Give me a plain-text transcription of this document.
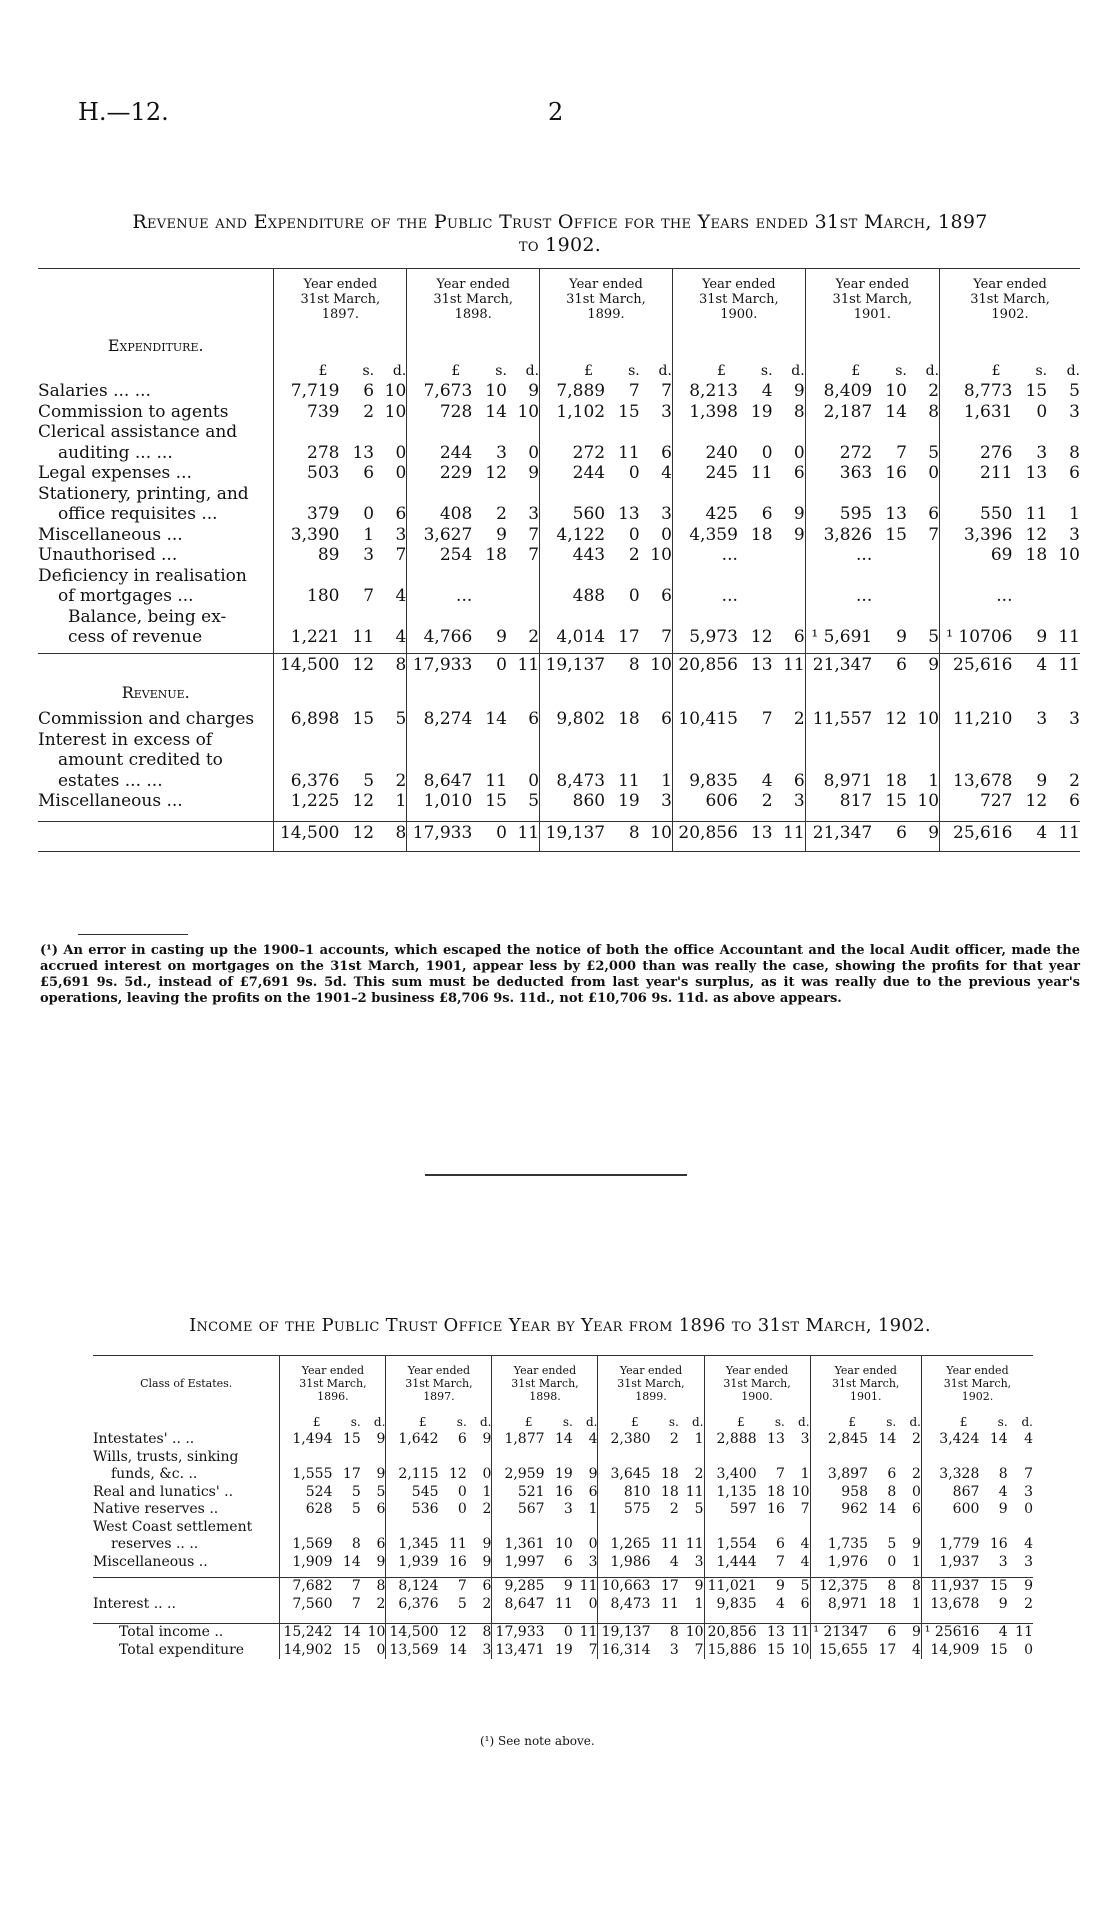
H.—12.	2
Revenue and Expenditure of the Public Trust Office for the Years ended 31st March, 1897
to 1902.
	Year ended
31st March,
1897.			Year ended
31st March,
1898.			Year ended
31st March,
1899.			Year ended
31st March,
1900.			Year ended
31st March,
1901.			Year ended
31st March,
1902.		
Expenditure.																		
	£	s.	d.	£	s.	d.	£	s.	d.	£	s.	d.	£	s.	d.	£	s.	d.
Salaries ... ...	7,719	6	10	7,673	10	9	7,889	7	7	8,213	4	9	8,409	10	2	8,773	15	5
Commission to agents	739	2	10	728	14	10	1,102	15	3	1,398	19	8	2,187	14	8	1,631	0	3
Clerical assistance and																		
auditing ... ...	278	13	0	244	3	0	272	11	6	240	0	0	272	7	5	276	3	8
Legal expenses ...	503	6	0	229	12	9	244	0	4	245	11	6	363	16	0	211	13	6
Stationery, printing, and																		
office requisites ...	379	0	6	408	2	3	560	13	3	425	6	9	595	13	6	550	11	1
Miscellaneous ...	3,390	1	3	3,627	9	7	4,122	0	0	4,359	18	9	3,826	15	7	3,396	12	3
Unauthorised ...	89	3	7	254	18	7	443	2	10	...			...			69	18	10
Deficiency in realisation																		
of mortgages ...	180	7	4	...			488	0	6	...			...			...		
Balance, being ex-																		
cess of revenue	1,221	11	4	4,766	9	2	4,014	17	7	5,973	12	6	¹ 5,691	9	5	¹ 10706	9	11

	14,500	12	8	17,933	0	11	19,137	8	10	20,856	13	11	21,347	6	9	25,616	4	11
Revenue.																		

Commission and charges	6,898	15	5	8,274	14	6	9,802	18	6	10,415	7	2	11,557	12	10	11,210	3	3
Interest in excess of																		
amount credited to																		
estates ... ...	6,376	5	2	8,647	11	0	8,473	11	1	9,835	4	6	8,971	18	1	13,678	9	2
Miscellaneous ...	1,225	12	1	1,010	15	5	860	19	3	606	2	3	817	15	10	727	12	6

	14,500	12	8	17,933	0	11	19,137	8	10	20,856	13	11	21,347	6	9	25,616	4	11

(¹) An error in casting up the 1900–1 accounts, which escaped the notice of both the office Accountant and the local Audit officer, made the accrued interest on mortgages on the 31st March, 1901, appear less by £2,000 than was really the case, showing the profits for that year £5,691 9s. 5d., instead of £7,691 9s. 5d. This sum must be deducted from last year's surplus, as it was really due to the previous year's operations, leaving the profits on the 1901–2 business £8,706 9s. 11d., not £10,706 9s. 11d. as above appears.
Income of the Public Trust Office Year by Year from 1896 to 31st March, 1902.
Class of Estates.	Year ended
31st March,
1896.			Year ended
31st March,
1897.			Year ended
31st March,
1898.			Year ended
31st March,
1899.			Year ended
31st March,
1900.			Year ended
31st March,
1901.			Year ended
31st March,
1902.		
	£	s.	d.	£	s.	d.	£	s.	d.	£	s.	d.	£	s.	d.	£	s.	d.	£	s.	d.
Intestates' .. ..	1,494	15	9	1,642	6	9	1,877	14	4	2,380	2	1	2,888	13	3	2,845	14	2	3,424	14	4
Wills, trusts, sinking																					
funds, &c. ..	1,555	17	9	2,115	12	0	2,959	19	9	3,645	18	2	3,400	7	1	3,897	6	2	3,328	8	7
Real and lunatics' ..	524	5	5	545	0	1	521	16	6	810	18	11	1,135	18	10	958	8	0	867	4	3
Native reserves ..	628	5	6	536	0	2	567	3	1	575	2	5	597	16	7	962	14	6	600	9	0
West Coast settlement																					
reserves .. ..	1,569	8	6	1,345	11	9	1,361	10	0	1,265	11	11	1,554	6	4	1,735	5	9	1,779	16	4
Miscellaneous ..	1,909	14	9	1,939	16	9	1,997	6	3	1,986	4	3	1,444	7	4	1,976	0	1	1,937	3	3

	7,682	7	8	8,124	7	6	9,285	9	11	10,663	17	9	11,021	9	5	12,375	8	8	11,937	15	9
Interest .. ..	7,560	7	2	6,376	5	2	8,647	11	0	8,473	11	1	9,835	4	6	8,971	18	1	13,678	9	2

Total income ..	15,242	14	10	14,500	12	8	17,933	0	11	19,137	8	10	20,856	13	11	¹ 21347	6	9	¹ 25616	4	11
Total expenditure	14,902	15	0	13,569	14	3	13,471	19	7	16,314	3	7	15,886	15	10	15,655	17	4	14,909	15	0
(¹) See note above.
